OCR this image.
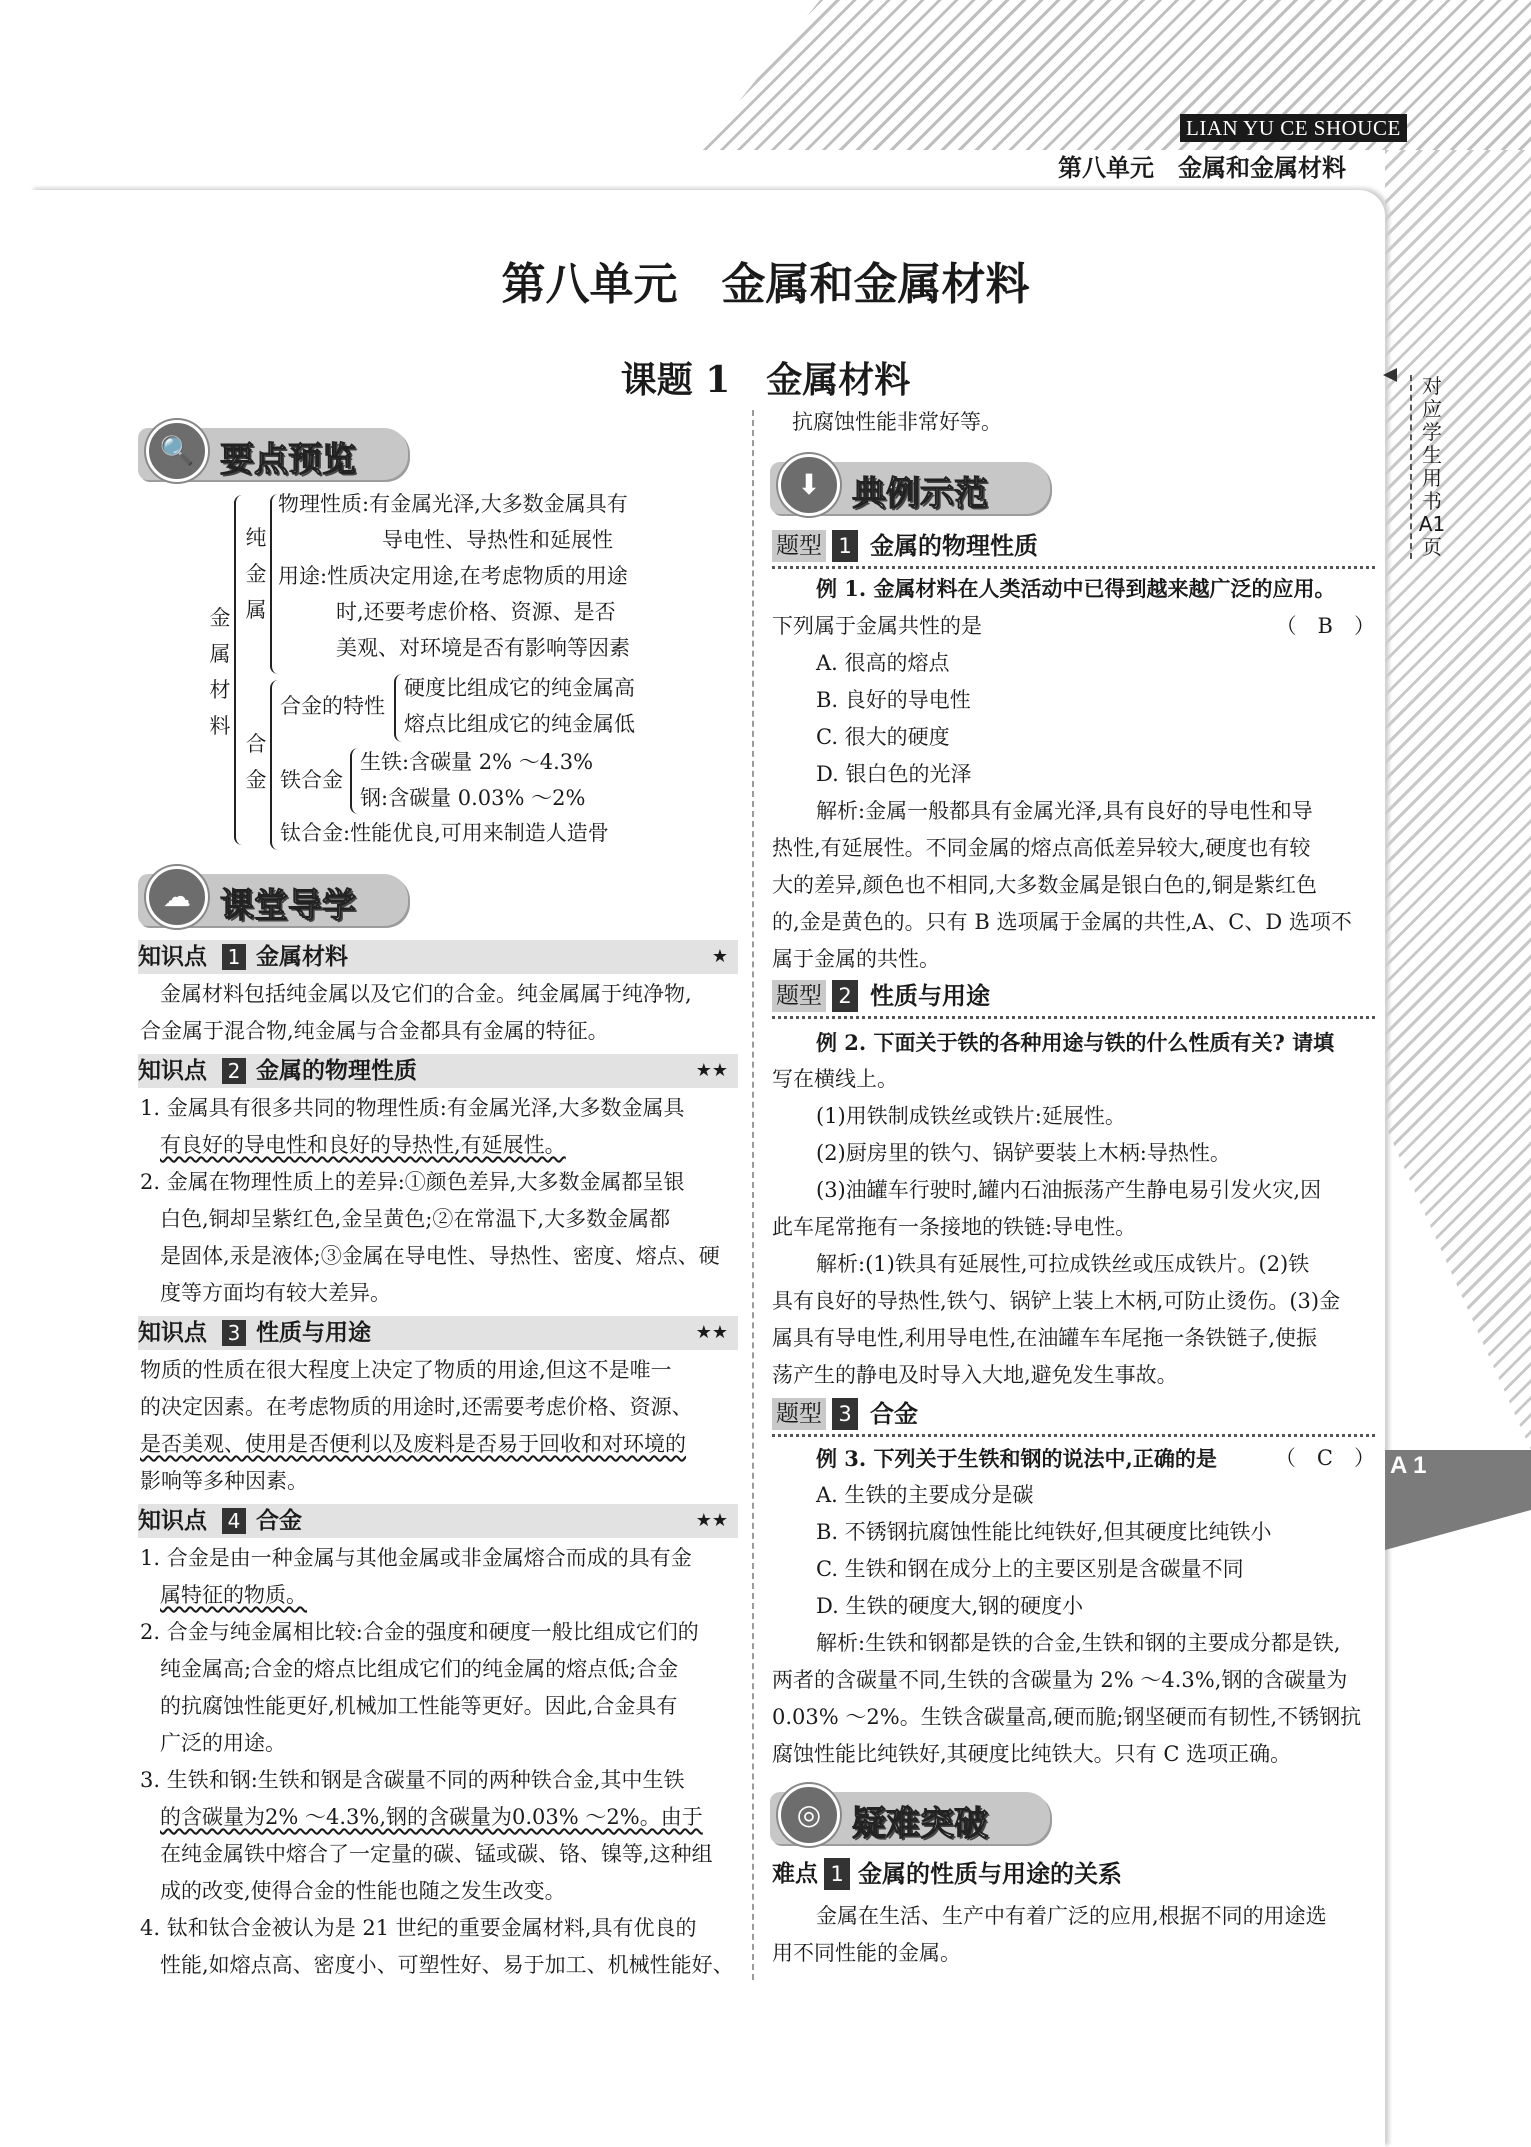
LIAN YU CE SHOUCE
第八单元　金属和金属材料
第八单元　金属和金属材料
课题 1　金属材料	对
应
学
生
用
书
A1
页
A 1
🔍 要点预览
金
属
材
料
纯
金
属
物理性质:有金属光泽,大多数金属具有
导电性、导热性和延展性
用途:性质决定用途,在考虑物质的用途
时,还要考虑价格、资源、是否
美观、对环境是否有影响等因素
合
金
合金的特性
硬度比组成它的纯金属高
熔点比组成它的纯金属低
铁合金
生铁:含碳量 2% ～4.3%
钢:含碳量 0.03% ～2%
钛合金:性能优良,可用来制造人造骨
☁ 课堂导学
知识点 1 金属材料	★
金属材料包括纯金属以及它们的合金。纯金属属于纯净物,
合金属于混合物,纯金属与合金都具有金属的特征。
知识点 2 金属的物理性质	★★
1. 金属具有很多共同的物理性质:有金属光泽,大多数金属具
有良好的导电性和良好的导热性,有延展性。
2. 金属在物理性质上的差异:①颜色差异,大多数金属都呈银
白色,铜却呈紫红色,金呈黄色;②在常温下,大多数金属都
是固体,汞是液体;③金属在导电性、导热性、密度、熔点、硬
度等方面均有较大差异。
知识点 3 性质与用途	★★
物质的性质在很大程度上决定了物质的用途,但这不是唯一
的决定因素。在考虑物质的用途时,还需要考虑价格、资源、
是否美观、使用是否便利以及废料是否易于回收和对环境的
影响等多种因素。
知识点 4 合金	★★
1. 合金是由一种金属与其他金属或非金属熔合而成的具有金
属特征的物质。
2. 合金与纯金属相比较:合金的强度和硬度一般比组成它们的
纯金属高;合金的熔点比组成它们的纯金属的熔点低;合金
的抗腐蚀性能更好,机械加工性能等更好。因此,合金具有
广泛的用途。
3. 生铁和钢:生铁和钢是含碳量不同的两种铁合金,其中生铁
的含碳量为2% ～4.3%,钢的含碳量为0.03% ～2%。由于
在纯金属铁中熔合了一定量的碳、锰或碳、铬、镍等,这种组
成的改变,使得合金的性能也随之发生改变。
4. 钛和钛合金被认为是 21 世纪的重要金属材料,具有优良的
性能,如熔点高、密度小、可塑性好、易于加工、机械性能好、
抗腐蚀性能非常好等。
⬇ 典例示范
题型 1 金属的物理性质
例 1. 金属材料在人类活动中已得到越来越广泛的应用。
下列属于金属共性的是	（　B　）
A. 很高的熔点
B. 良好的导电性
C. 很大的硬度
D. 银白色的光泽
解析:金属一般都具有金属光泽,具有良好的导电性和导
热性,有延展性。不同金属的熔点高低差异较大,硬度也有较
大的差异,颜色也不相同,大多数金属是银白色的,铜是紫红色
的,金是黄色的。只有 B 选项属于金属的共性,A、C、D 选项不
属于金属的共性。
题型 2 性质与用途
例 2. 下面关于铁的各种用途与铁的什么性质有关? 请填
写在横线上。
(1)用铁制成铁丝或铁片:延展性。
(2)厨房里的铁勺、锅铲要装上木柄:导热性。
(3)油罐车行驶时,罐内石油振荡产生静电易引发火灾,因
此车尾常拖有一条接地的铁链:导电性。
解析:(1)铁具有延展性,可拉成铁丝或压成铁片。(2)铁
具有良好的导热性,铁勺、锅铲上装上木柄,可防止烫伤。(3)金
属具有导电性,利用导电性,在油罐车车尾拖一条铁链子,使振
荡产生的静电及时导入大地,避免发生事故。
题型 3 合金
例 3. 下列关于生铁和钢的说法中,正确的是	（　C　）
A. 生铁的主要成分是碳
B. 不锈钢抗腐蚀性能比纯铁好,但其硬度比纯铁小
C. 生铁和钢在成分上的主要区别是含碳量不同
D. 生铁的硬度大,钢的硬度小
解析:生铁和钢都是铁的合金,生铁和钢的主要成分都是铁,
两者的含碳量不同,生铁的含碳量为 2% ～4.3%,钢的含碳量为
0.03% ～2%。生铁含碳量高,硬而脆;钢坚硬而有韧性,不锈钢抗
腐蚀性能比纯铁好,其硬度比纯铁大。只有 C 选项正确。
◎ 疑难突破
难点 1 金属的性质与用途的关系
金属在生活、生产中有着广泛的应用,根据不同的用途选
用不同性能的金属。
